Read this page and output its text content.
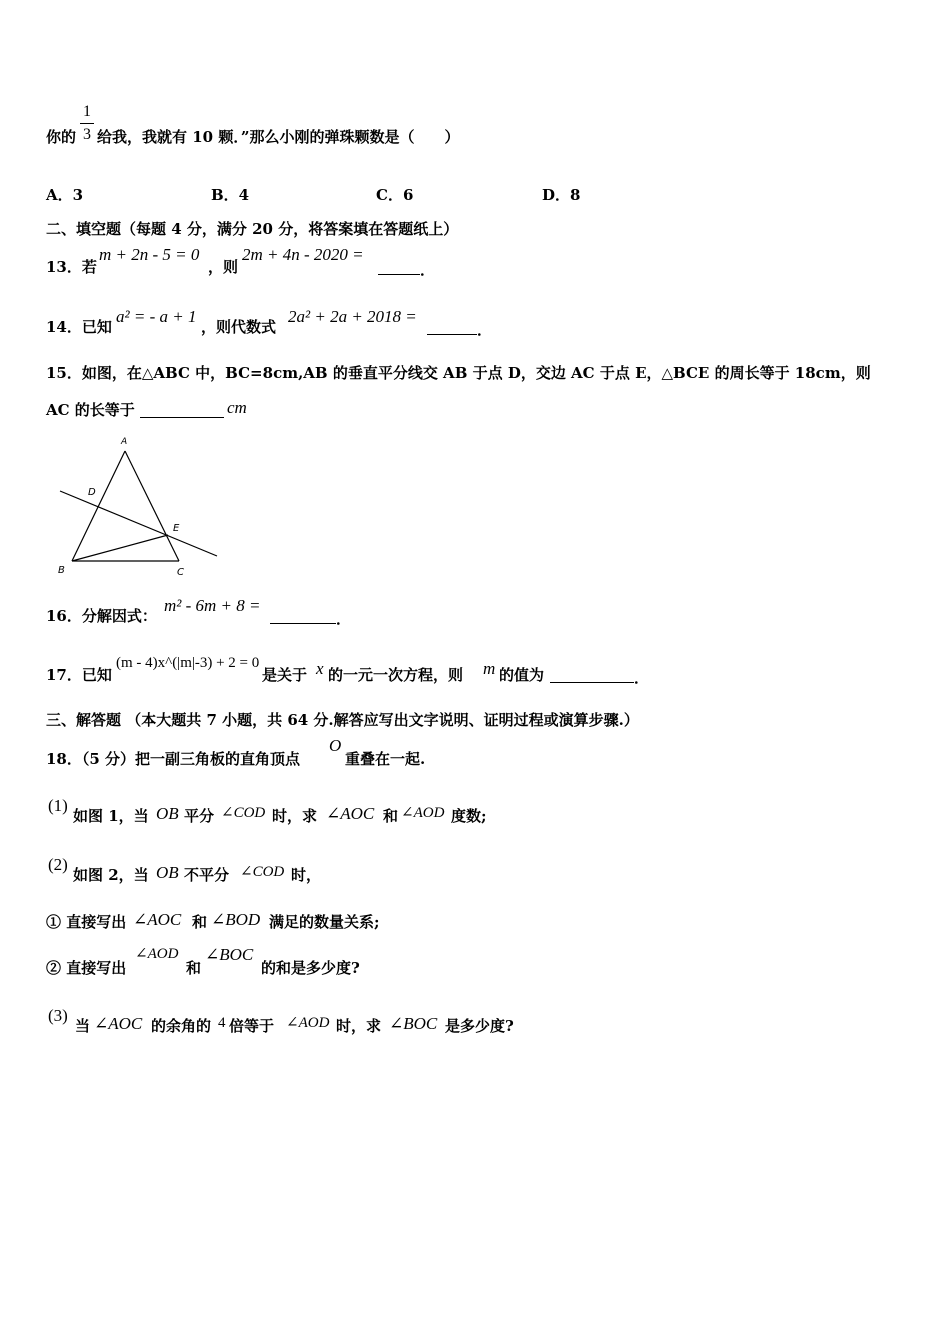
你的
1
3 给我，我就有 10 颗．”那么小刚的弹珠颗数是（　　）
A．3	B．4	C．6	D．8
二、填空题（每题 4 分，满分 20 分，将答案填在答题纸上）
13．若
m + 2n - 5 = 0
，则
2m + 4n - 2020 =
．
14．已知
a² = - a + 1
，则代数式
2a² + 2a + 2018 =
．
15．如图，在△ABC 中，BC=8cm,AB 的垂直平分线交 AB 于点 D，交边 AC 于点 E，△BCE 的周长等于 18cm，则
AC 的长等于	cm
A
D
E
B	C
16．分解因式：
m² - 6m + 8 =
．
17．已知
(m - 4)x^(|m|-3) + 2 = 0
是关于 x 的一元一次方程，则 m 的值为	．
三、解答题 （本大题共 7 小题，共 64 分.解答应写出文字说明、证明过程或演算步骤.）
18．（5 分）把一副三角板的直角顶点
O
重叠在一起.
(1)
如图 1，当 OB 平分 ∠COD 时，求 ∠AOC 和 ∠AOD 度数;
(2)
如图 2，当 OB 不平分 ∠COD 时，
① 直接写出 ∠AOC 和 ∠BOD 满足的数量关系;
② 直接写出
∠AOD
和
∠BOC
的和是多少度?
(3)
当 ∠AOC 的余角的 4 倍等于 ∠AOD 时，求 ∠BOC 是多少度?
